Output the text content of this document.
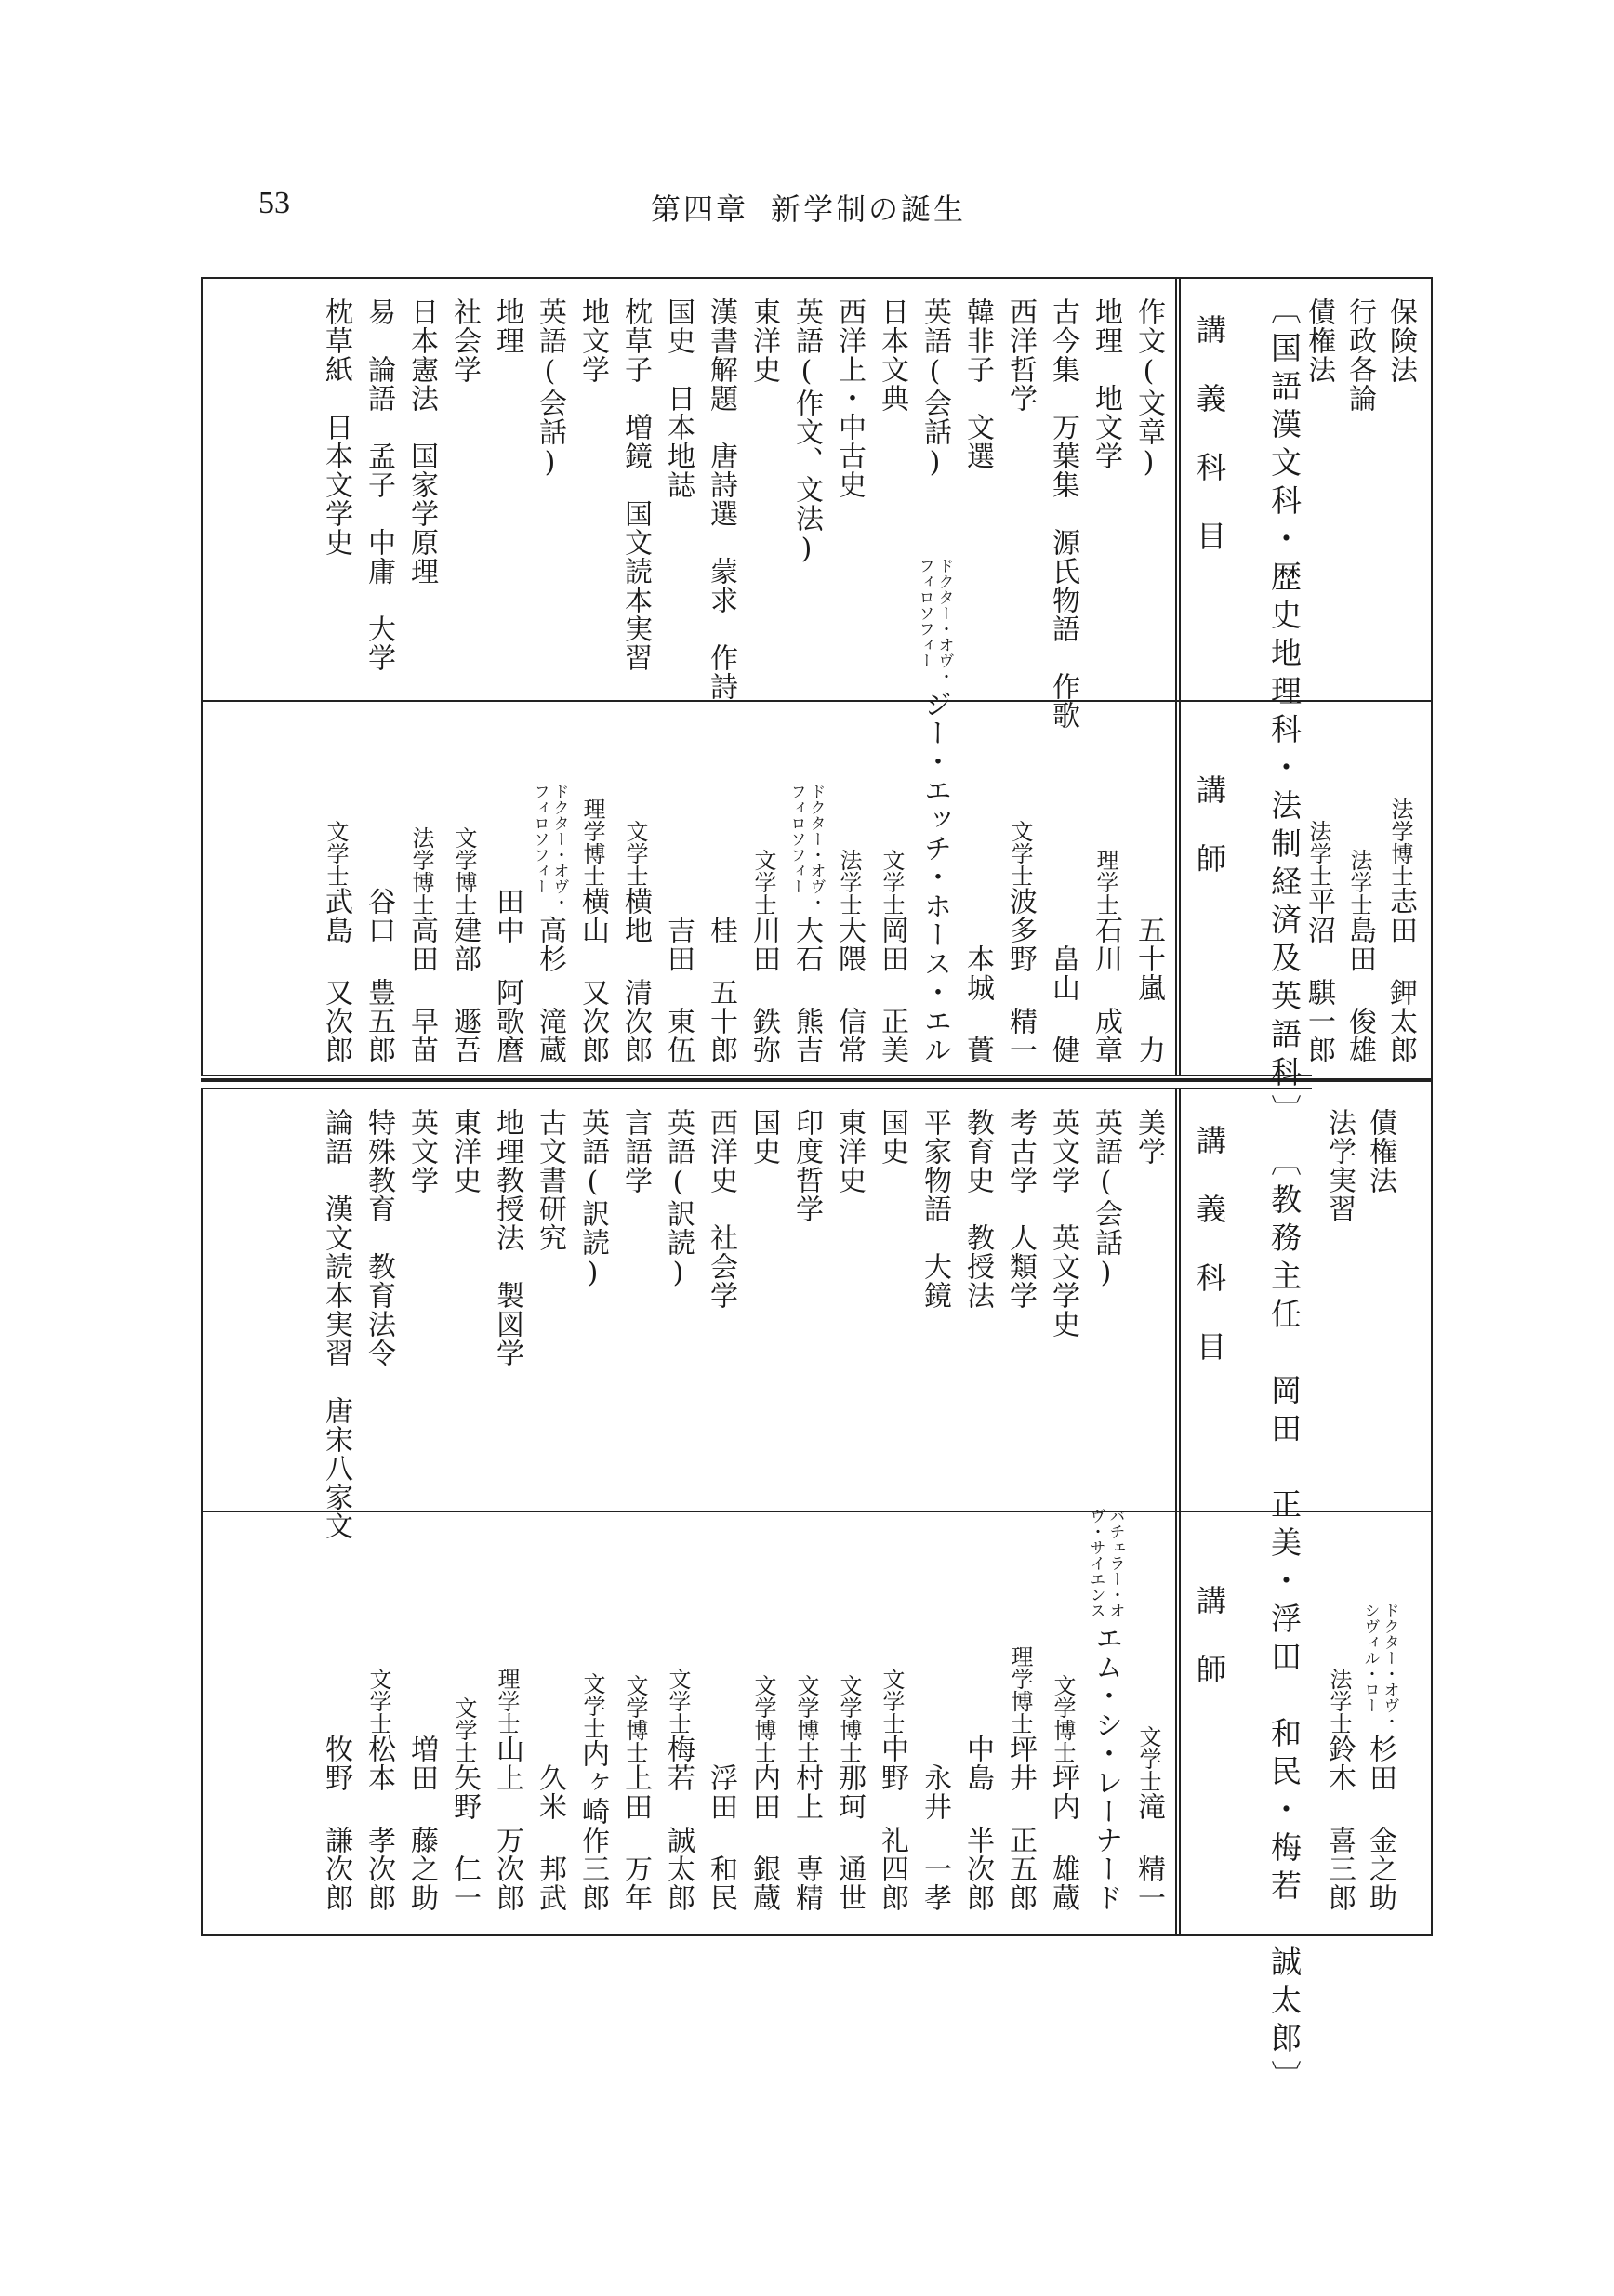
53	第四章 新学制の誕生
〔国語漢文科・歴史地理科・法制経済及英語科〕
〔教務主任　岡田　正美・浮田　和民・梅若　誠太郎〕
講義科目
講師
講義科目
講師
作文(文章)
五十嵐 力
地理　地文学
理学士
石川 成章
古今集　万葉集　源氏物語　作歌
畠山 健
西洋哲学
文学士
波多野 精一
韓非子　文選
本城 蕢
英語(会話)
ドクター・オヴ・
フィロソフィー
ジー・エッチ・ホース・エル
日本文典
文学士
岡田 正美
西洋上・中古史
法学士
大隈 信常
英語(作文、文法)
ドクター・オヴ・
フィロソフィー
大石 熊吉
東洋史
文学士
川田 鉄弥
漢書解題　唐詩選　蒙求　作詩
桂 五十郎
国史　日本地誌
吉田 東伍
枕草子　増鏡　国文読本実習
文学士
横地 清次郎
地文学
理学博士
横山 又次郎
英語(会話)
ドクター・オヴ・
フィロソフィー
高杉 滝蔵
地理
田中 阿歌麿
社会学
文学博士
建部 遯吾
日本憲法　国家学原理
法学博士
高田 早苗
易　論語　孟子　中庸　大学
谷口 豊五郎
枕草紙　日本文学史
文学士
武島 又次郎
美学
文学士
滝 精一
英語(会話)
バチェラー・オ
ヴ・サイエンス
エム・シ・レーナード
英文学　英文学史
文学博士
坪内 雄蔵
考古学　人類学
理学博士
坪井 正五郎
教育史　教授法
中島 半次郎
平家物語　大鏡
永井 一孝
国史
文学士
中野 礼四郎
東洋史
文学博士
那珂 通世
印度哲学
文学博士
村上 専精
国史
文学博士
内田 銀蔵
西洋史　社会学
浮田 和民
英語(訳読)
文学士
梅若 誠太郎
言語学
文学博士
上田 万年
英語(訳読)
文学士
内ヶ崎作三郎
古文書研究
久米 邦武
地理教授法　製図学
理学士
山上 万次郎
東洋史
文学士
矢野 仁一
英文学
増田 藤之助
特殊教育　教育法令
文学士
松本 孝次郎
論語　漢文読本実習　唐宋八家文
牧野 謙次郎
保険法
行政各論
債権法
法学博士
志田 鉀太郎
法学士
島田 俊雄
法学士
平沼 騏一郎
債権法
法学実習
ドクター・オヴ・
シヴィル・ロー
杉田 金之助
法学士
鈴木 喜三郎
